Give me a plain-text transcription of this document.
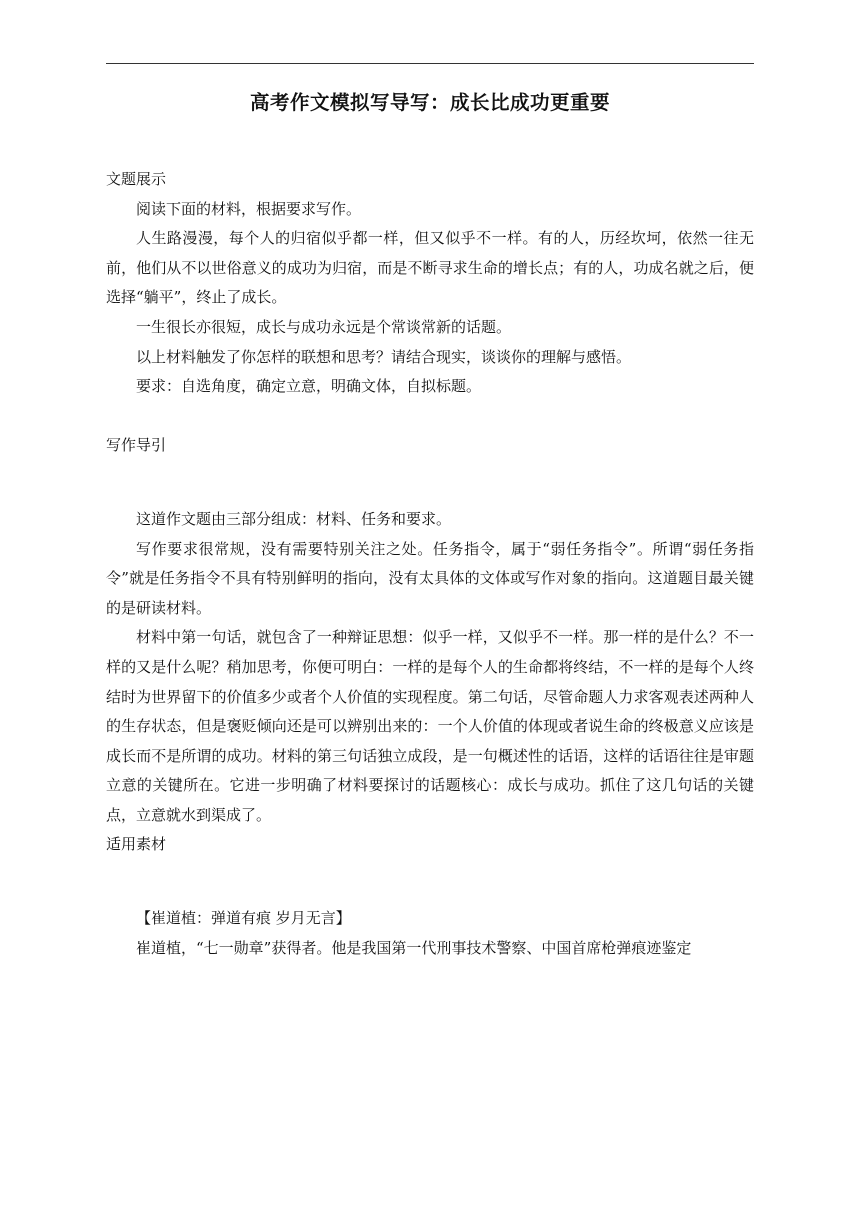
高考作文模拟写导写：成长比成功更重要
文题展示

阅读下面的材料，根据要求写作。

人生路漫漫，每个人的归宿似乎都一样，但又似乎不一样。有的人，历经坎坷，依然一往无前，他们从不以世俗意义的成功为归宿，而是不断寻求生命的增长点；有的人，功成名就之后，便选择“躺平”，终止了成长。

一生很长亦很短，成长与成功永远是个常谈常新的话题。

以上材料触发了你怎样的联想和思考？请结合现实，谈谈你的理解与感悟。

要求：自选角度，确定立意，明确文体，自拟标题。

写作导引

这道作文题由三部分组成：材料、任务和要求。

写作要求很常规，没有需要特别关注之处。任务指令，属于“弱任务指令”。所谓“弱任务指令”就是任务指令不具有特别鲜明的指向，没有太具体的文体或写作对象的指向。这道题目最关键的是研读材料。

材料中第一句话，就包含了一种辩证思想：似乎一样，又似乎不一样。那一样的是什么？不一样的又是什么呢？稍加思考，你便可明白：一样的是每个人的生命都将终结，不一样的是每个人终结时为世界留下的价值多少或者个人价值的实现程度。第二句话，尽管命题人力求客观表述两种人的生存状态，但是褒贬倾向还是可以辨别出来的：一个人价值的体现或者说生命的终极意义应该是成长而不是所谓的成功。材料的第三句话独立成段，是一句概述性的话语，这样的话语往往是审题立意的关键所在。它进一步明确了材料要探讨的话题核心：成长与成功。抓住了这几句话的关键点，立意就水到渠成了。

适用素材

【崔道植：弹道有痕 岁月无言】

崔道植，“七一勋章”获得者。他是我国第一代刑事技术警察、中国首席枪弹痕迹鉴定
